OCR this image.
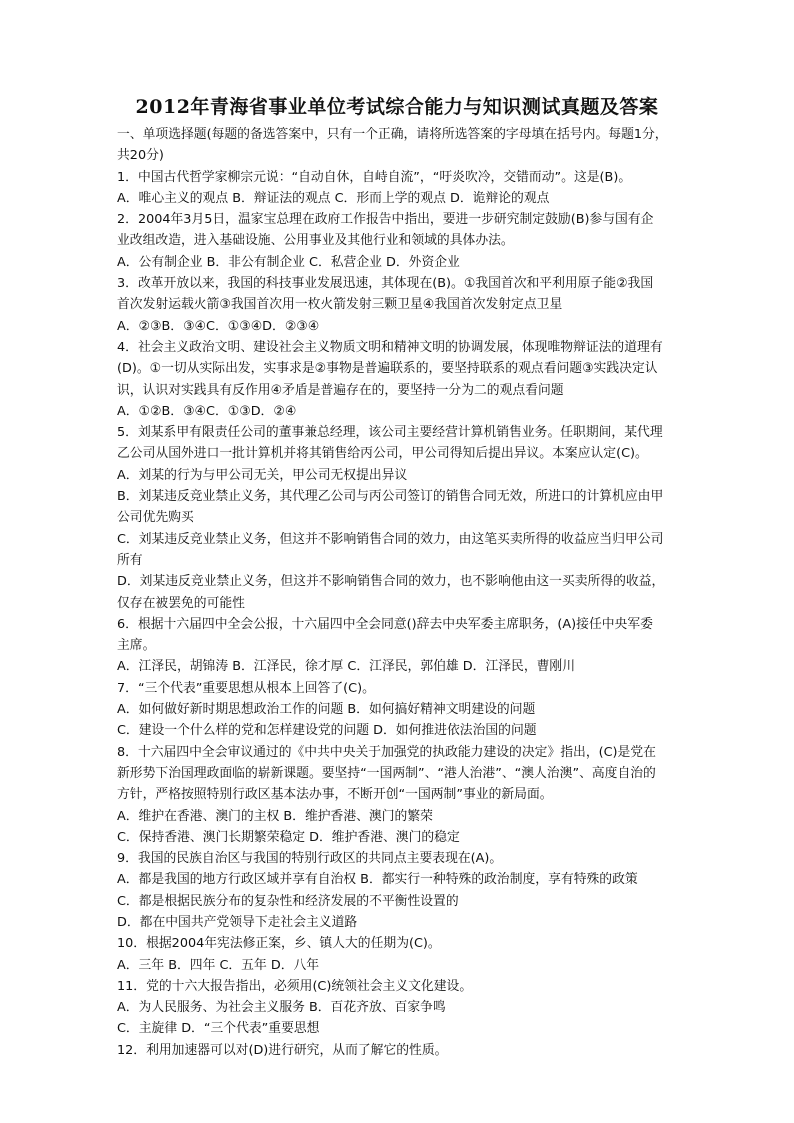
2012年青海省事业单位考试综合能力与知识测试真题及答案
一、单项选择题(每题的备选答案中，只有一个正确，请将所选答案的字母填在括号内。每题1分，
共20分)
1．中国古代哲学家柳宗元说：“自动自休，自峙自流”，“吁炎吹冷，交错而动”。这是(B)。
A．唯心主义的观点 B．辩证法的观点 C．形而上学的观点 D．诡辩论的观点
2．2004年3月5日，温家宝总理在政府工作报告中指出，要进一步研究制定鼓励(B)参与国有企
业改组改造，进入基础设施、公用事业及其他行业和领域的具体办法。
A．公有制企业 B．非公有制企业 C．私营企业 D．外资企业
3．改革开放以来，我国的科技事业发展迅速，其体现在(B)。①我国首次和平利用原子能②我国
首次发射运载火箭③我国首次用一枚火箭发射三颗卫星④我国首次发射定点卫星
A．②③B．③④C．①③④D．②③④
4．社会主义政治文明、建设社会主义物质文明和精神文明的协调发展，体现唯物辩证法的道理有
(D)。①一切从实际出发，实事求是②事物是普遍联系的，要坚持联系的观点看问题③实践决定认
识，认识对实践具有反作用④矛盾是普遍存在的，要坚持一分为二的观点看问题
A．①②B．③④C．①③D．②④
5．刘某系甲有限责任公司的董事兼总经理，该公司主要经营计算机销售业务。任职期间，某代理
乙公司从国外进口一批计算机并将其销售给丙公司，甲公司得知后提出异议。本案应认定(C)。
A．刘某的行为与甲公司无关，甲公司无权提出异议
B．刘某违反竞业禁止义务，其代理乙公司与丙公司签订的销售合同无效，所进口的计算机应由甲
公司优先购买
C．刘某违反竞业禁止义务，但这并不影响销售合同的效力，由这笔买卖所得的收益应当归甲公司
所有
D．刘某违反竞业禁止义务，但这并不影响销售合同的效力，也不影响他由这一买卖所得的收益，
仅存在被罢免的可能性
6．根据十六届四中全会公报，十六届四中全会同意()辞去中央军委主席职务，(A)接任中央军委
主席。
A．江泽民，胡锦涛 B．江泽民，徐才厚 C．江泽民，郭伯雄 D．江泽民，曹刚川
7．“三个代表”重要思想从根本上回答了(C)。
A．如何做好新时期思想政治工作的问题 B．如何搞好精神文明建设的问题
C．建设一个什么样的党和怎样建设党的问题 D．如何推进依法治国的问题
8．十六届四中全会审议通过的《中共中央关于加强党的执政能力建设的决定》指出，(C)是党在
新形势下治国理政面临的崭新课题。要坚持“一国两制”、“港人治港”、“澳人治澳”、高度自治的
方针，严格按照特别行政区基本法办事，不断开创“一国两制”事业的新局面。
A．维护在香港、澳门的主权 B．维护香港、澳门的繁荣
C．保持香港、澳门长期繁荣稳定 D．维护香港、澳门的稳定
9．我国的民族自治区与我国的特别行政区的共同点主要表现在(A)。
A．都是我国的地方行政区域并享有自治权 B．都实行一种特殊的政治制度，享有特殊的政策
C．都是根据民族分布的复杂性和经济发展的不平衡性设置的
D．都在中国共产党领导下走社会主义道路
10．根据2004年宪法修正案，乡、镇人大的任期为(C)。
A．三年 B．四年 C．五年 D．八年
11．党的十六大报告指出，必须用(C)统领社会主义文化建设。
A．为人民服务、为社会主义服务 B．百花齐放、百家争鸣
C．主旋律 D．“三个代表”重要思想
12．利用加速器可以对(D)进行研究，从而了解它的性质。
